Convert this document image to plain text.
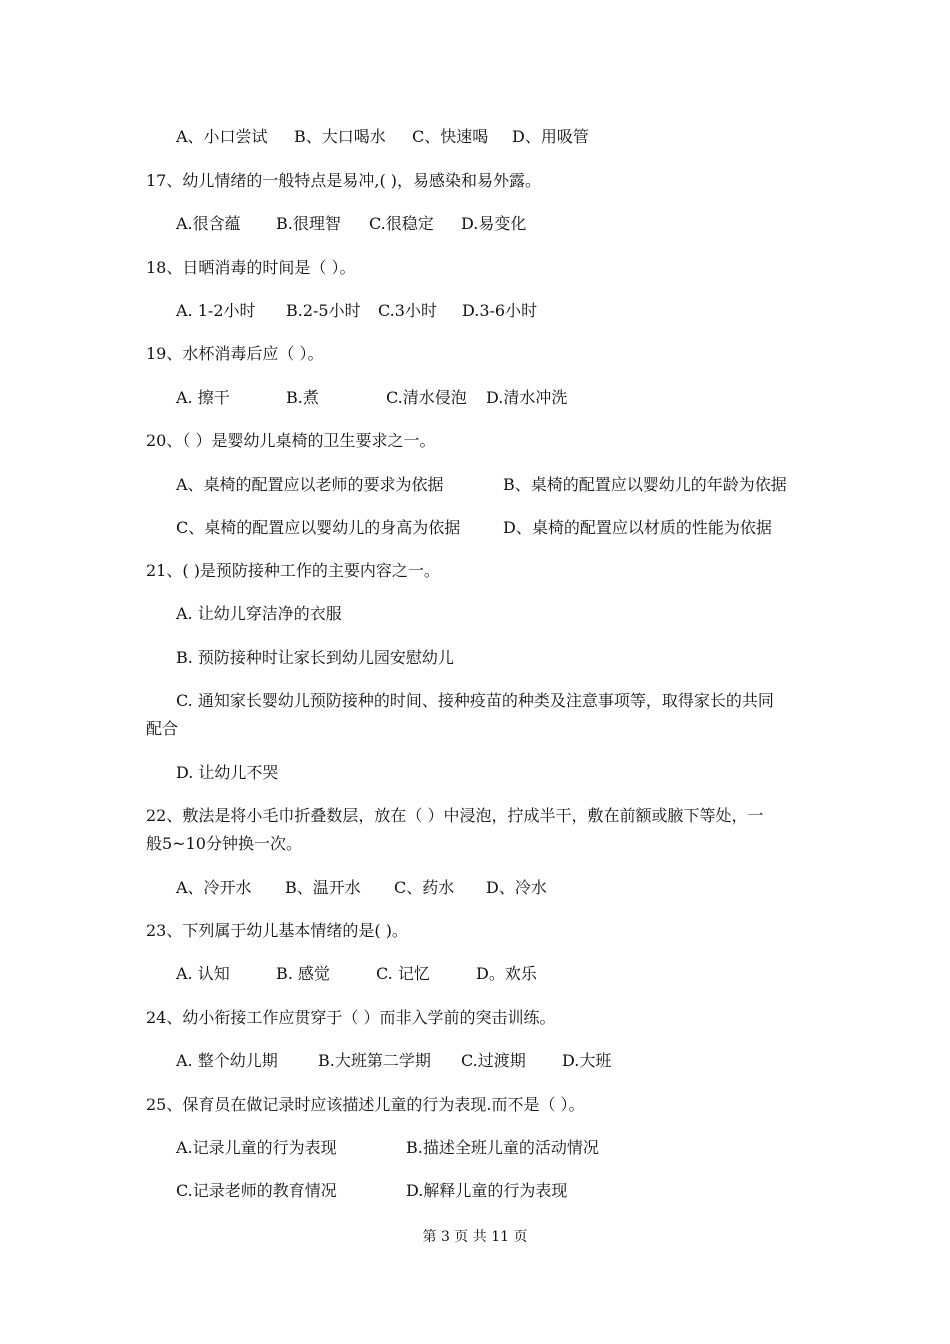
A、小口尝试 B、大口喝水 C、快速喝 D、用吸管
17、幼儿情绪的一般特点是易冲,( )，易感染和易外露。
A.很含蕴 B.很理智 C.很稳定 D.易变化
18、日晒消毒的时间是（ ）。
A. 1-2小时 B.2-5小时 C.3小时 D.3-6小时
19、水杯消毒后应（ ）。
A. 擦干	B.煮	C.清水侵泡 D.清水冲洗
20、（ ）是婴幼儿桌椅的卫生要求之一。
A、桌椅的配置应以老师的要求为依据	B、桌椅的配置应以婴幼儿的年龄为依据
C、桌椅的配置应以婴幼儿的身高为依据	D、桌椅的配置应以材质的性能为依据
21、( )是预防接种工作的主要内容之一。
A. 让幼儿穿洁净的衣服
B. 预防接种时让家长到幼儿园安慰幼儿
C. 通知家长婴幼儿预防接种的时间、接种疫苗的种类及注意事项等，取得家长的共同
配合
D. 让幼儿不哭
22、敷法是将小毛巾折叠数层，放在（ ）中浸泡，拧成半干，敷在前额或腋下等处，一
般5~10分钟换一次。
A、冷开水 B、温开水 C、药水 D、冷水
23、下列属于幼儿基本情绪的是( )。
A. 认知	B. 感觉	C. 记忆	D。欢乐
24、幼小衔接工作应贯穿于（ ）而非入学前的突击训练。
A. 整个幼儿期	B.大班第二学期 C.过渡期 D.大班
25、保育员在做记录时应该描述儿童的行为表现.而不是（ ）。
A.记录儿童的行为表现	B.描述全班儿童的活动情况
C.记录老师的教育情况	D.解释儿童的行为表现
第 3 页 共 11 页
